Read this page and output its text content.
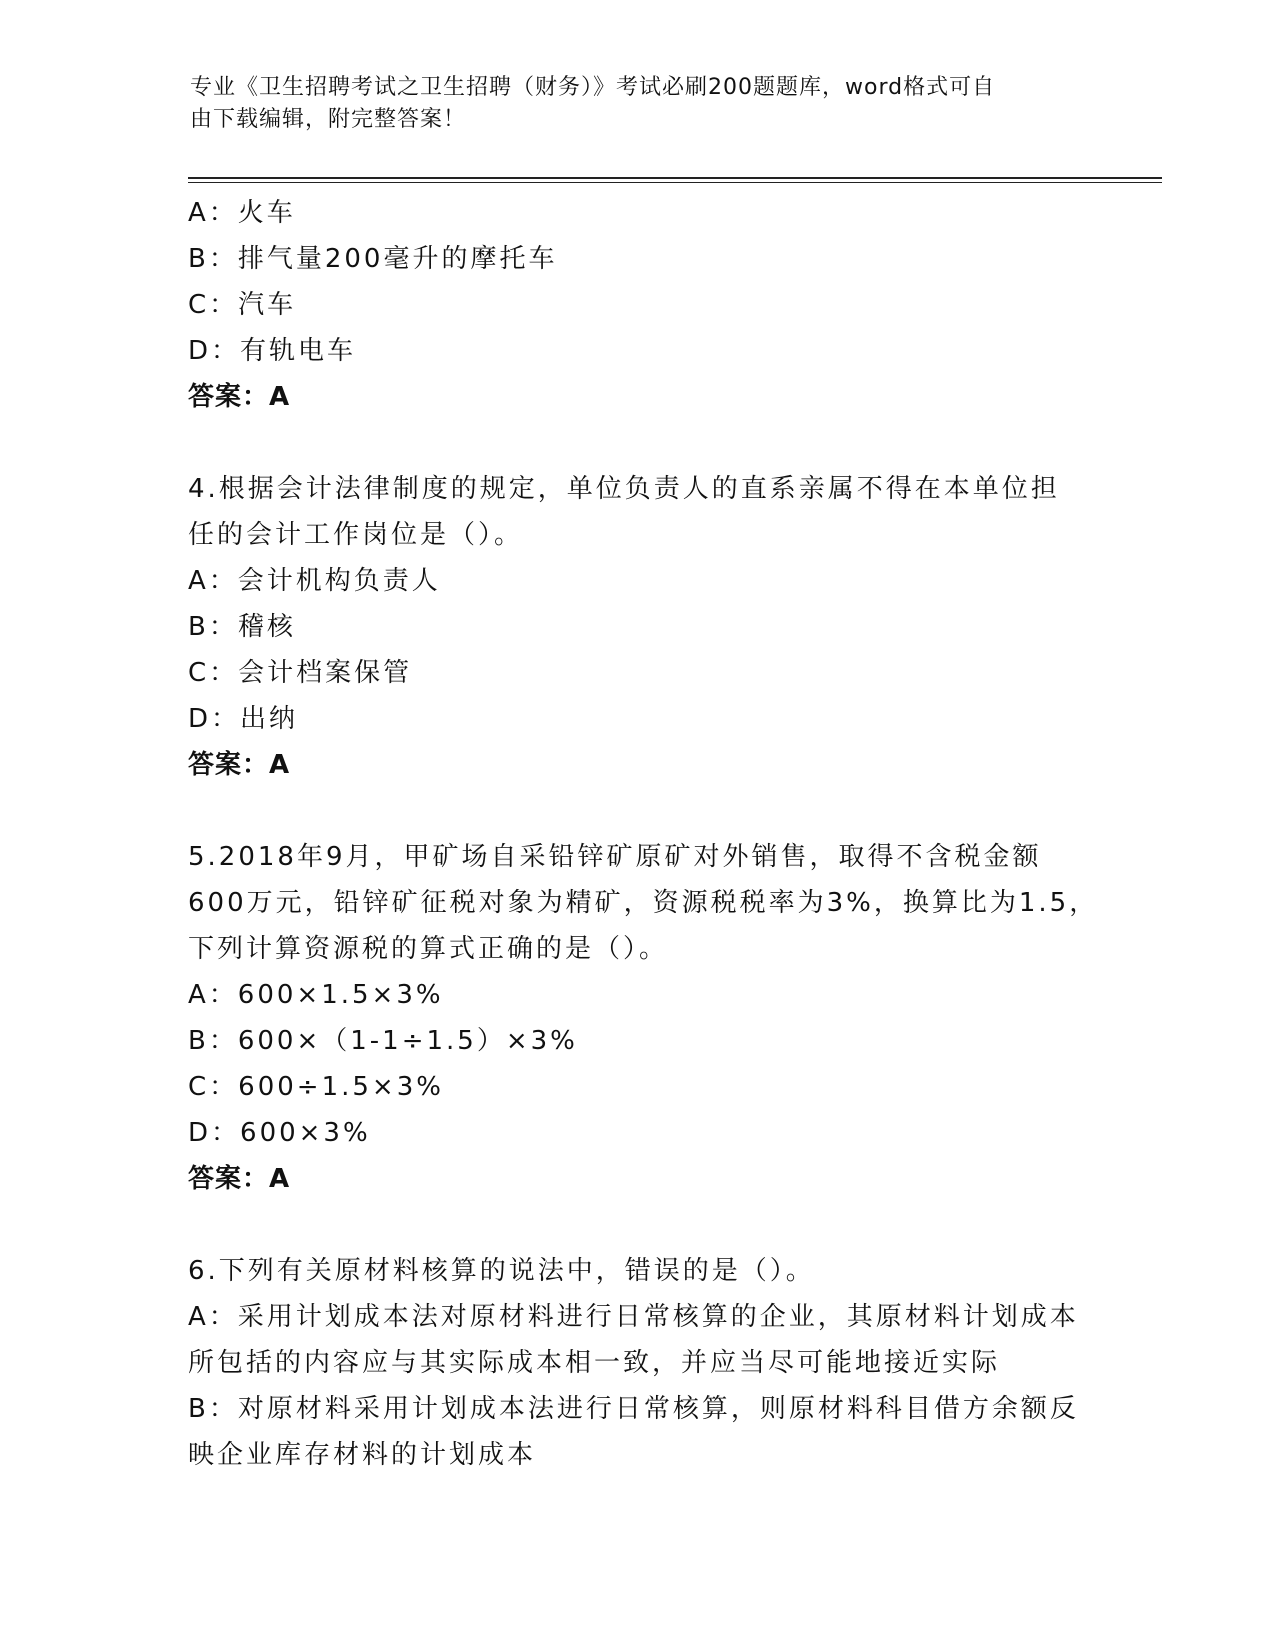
专业《卫生招聘考试之卫生招聘（财务）》考试必刷200题题库，word格式可自
由下载编辑，附完整答案！
A：火车
B：排气量200毫升的摩托车
C：汽车
D：有轨电车
答案：A
4.根据会计法律制度的规定，单位负责人的直系亲属不得在本单位担
任的会计工作岗位是（）。
A：会计机构负责人
B：稽核
C：会计档案保管
D：出纳
答案：A
5.2018年9月，甲矿场自采铅锌矿原矿对外销售，取得不含税金额
600万元，铅锌矿征税对象为精矿，资源税税率为3%，换算比为1.5，
下列计算资源税的算式正确的是（）。
A：600×1.5×3%
B：600×（1-1÷1.5）×3%
C：600÷1.5×3%
D：600×3%
答案：A
6.下列有关原材料核算的说法中，错误的是（）。
A：采用计划成本法对原材料进行日常核算的企业，其原材料计划成本
所包括的内容应与其实际成本相一致，并应当尽可能地接近实际
B：对原材料采用计划成本法进行日常核算，则原材料科目借方余额反
映企业库存材料的计划成本
